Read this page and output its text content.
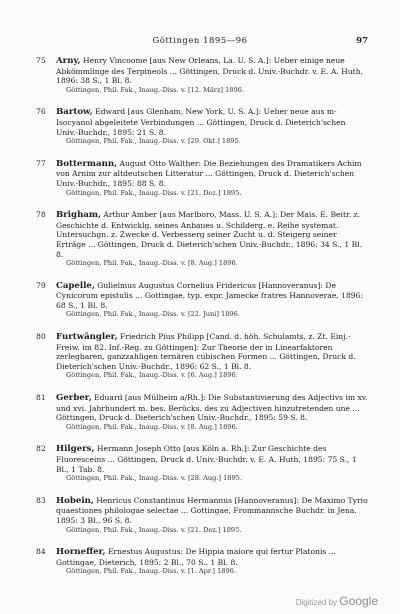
Göttingen 1895—96	97
75 Arny, Henry Vincoome [aus New Orleans, La. U. S. A.]: Ueber einige neue Abkömmlinge des Terpineols ... Göttingen, Druck d. Univ.-Buchdr. v. E. A. Huth, 1896: 38 S., 1 Bl. 8.
Göttingen, Phil. Fak., Inaug.-Diss. v. [12. März] 1896.
76 Bartow, Edward [aus Glenham, New York, U. S. A.]: Ueber neue aus m-Isocyanol abgeleitete Verbindungen ... Göttingen, Druck d. Dieterich'schen Univ.-Buchdr., 1895: 21 S. 8.
Göttingen, Phil. Fak., Inaug.-Diss. v. [29. Okt.] 1895.
77 Bottermann, August Otto Walther: Die Beziehungen des Dramatikers Achim von Arnim zur altdeutschen Litteratur ... Göttingen, Druck d. Dieterich'schen Univ.-Buchdr., 1895: 88 S. 8.
Göttingen, Phil. Fak., Inaug.-Diss. v. [21. Dez.] 1895.
78 Brigham, Arthur Amber [aus Marlboro, Mass. U. S. A.]: Der Mais. E. Beitr. z. Geschichte d. Entwicklg. seines Anbaues u. Schilderg. e. Reihe systemat. Untersuchgn. z. Zwecke d. Verbesserg seiner Zucht u. d. Steigerg seiner Erträge ... Göttingen, Druck d. Dieterich'schen Univ.-Buchdr., 1896: 34 S., 1 Bl. 8.
Göttingen, Phil. Fak., Inaug.-Diss. v. [8. Aug.] 1896.
79 Capelle, Gulielmus Augustus Cornelius Fridericus [Hannoveranus]: De Cynicorum epistulis ... Gottingae, typ. expr. Jamecke fratres Hannoverae, 1896: 68 S., 1 Bl. 8.
Göttingen, Phil. Fak., Inaug.-Diss. v. [22. Juni] 1896.
80 Furtwängler, Friedrich Pius Philipp [Cand. d. höh. Schulamts, z. Zt. Einj.-Freiw. im 82. Inf.-Reg. zu Göttingen]: Zur Theorie der in Linearfaktoren zerlegbaren, ganzzahligen ternären cubischen Formen ... Göttingen, Druck d. Dieterich'schen Univ.-Buchdr., 1896: 62 S., 1 Bl. 8.
Göttingen, Phil. Fak., Inaug.-Diss. v. [6. Aug.] 1896.
81 Gerber, Eduard [aus Mülheim a/Rh.]: Die Substantivierung des Adjectivs im xv. und xvi. Jahrhundert m. bes. Berücks. des zu Adjectiven hinzutretenden une ... Göttingen, Druck d. Dieterich'schen Univ.-Buchdr., 1895: 59 S. 8.
Göttingen, Phil. Fak., Inaug.-Diss. v. [8. Aug.] 1896.
82 Hilgers, Hermann Joseph Otto [aus Köln a. Rh.]: Zur Geschichte des Fluoresceins ... Göttingen, Druck d. Univ.-Buchdr. v. E. A. Huth, 1895: 75 S., 1 Bl., 1 Tab. 8.
Göttingen, Phil. Fak., Inaug.-Diss. v. [28. Aug.] 1895.
83 Hobein, Henricus Constantinus Hermannus [Hannoveranus]: De Maximo Tyrio quaestiones philologae selectae ... Gottingae, Frommannsche Buchdr. in Jena, 1895: 3 Bl., 96 S. 8.
Göttingen, Phil. Fak., Inaug.-Diss. v. [21. Dez.] 1895.
84 Horneffer, Ernestus Augustus: De Hippia maiore qui fertur Platonis ... Gottingae, Dieterich, 1895: 2 Bl., 70 S., 1 Bl. 8.
Göttingen, Phil. Fak., Inaug.-Diss. v. [1. Apr.] 1896.
Digitized by Google
